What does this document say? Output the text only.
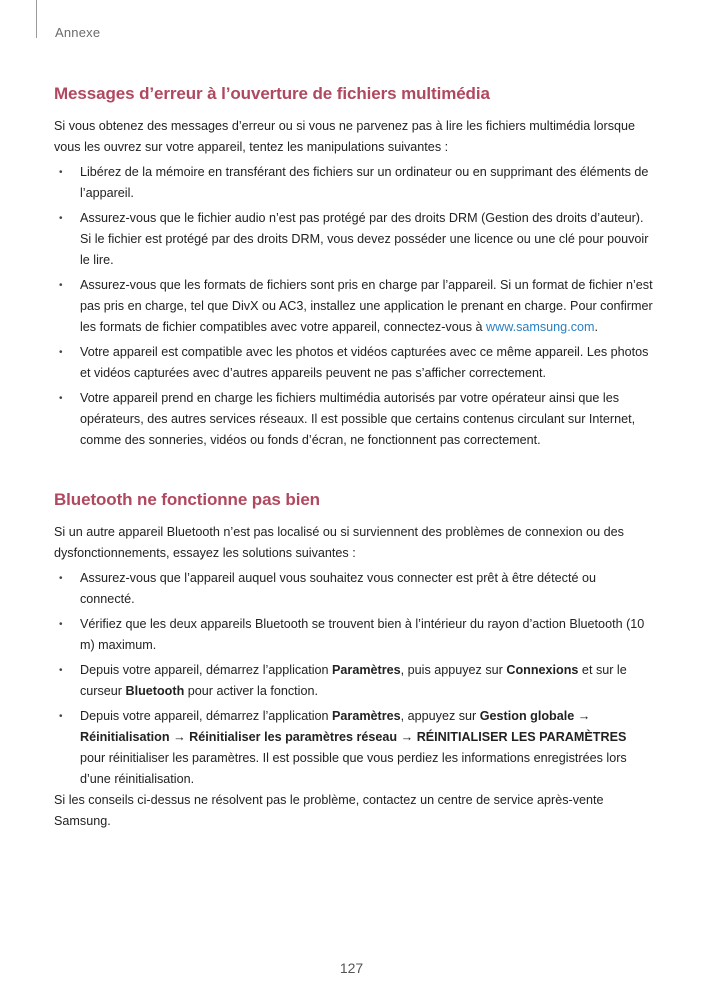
Annexe
Messages d’erreur à l’ouverture de fichiers multimédia
Si vous obtenez des messages d’erreur ou si vous ne parvenez pas à lire les fichiers multimédia lorsque vous les ouvrez sur votre appareil, tentez les manipulations suivantes :
• Libérez de la mémoire en transférant des fichiers sur un ordinateur ou en supprimant des éléments de l’appareil.
• Assurez-vous que le fichier audio n’est pas protégé par des droits DRM (Gestion des droits d’auteur). Si le fichier est protégé par des droits DRM, vous devez posséder une licence ou une clé pour pouvoir le lire.
• Assurez-vous que les formats de fichiers sont pris en charge par l’appareil. Si un format de fichier n’est pas pris en charge, tel que DivX ou AC3, installez une application le prenant en charge. Pour confirmer les formats de fichier compatibles avec votre appareil, connectez-vous à www.samsung.com.
• Votre appareil est compatible avec les photos et vidéos capturées avec ce même appareil. Les photos et vidéos capturées avec d’autres appareils peuvent ne pas s’afficher correctement.
• Votre appareil prend en charge les fichiers multimédia autorisés par votre opérateur ainsi que les opérateurs, des autres services réseaux. Il est possible que certains contenus circulant sur Internet, comme des sonneries, vidéos ou fonds d’écran, ne fonctionnent pas correctement.
Bluetooth ne fonctionne pas bien
Si un autre appareil Bluetooth n’est pas localisé ou si surviennent des problèmes de connexion ou des dysfonctionnements, essayez les solutions suivantes :
• Assurez-vous que l’appareil auquel vous souhaitez vous connecter est prêt à être détecté ou connecté.
• Vérifiez que les deux appareils Bluetooth se trouvent bien à l’intérieur du rayon d’action Bluetooth (10 m) maximum.
• Depuis votre appareil, démarrez l’application Paramètres, puis appuyez sur Connexions et sur le curseur Bluetooth pour activer la fonction.
• Depuis votre appareil, démarrez l’application Paramètres, appuyez sur Gestion globale → Réinitialisation → Réinitialiser les paramètres réseau → RÉINITIALISER LES PARAMÈTRES pour réinitialiser les paramètres. Il est possible que vous perdiez les informations enregistrées lors d’une réinitialisation.
Si les conseils ci-dessus ne résolvent pas le problème, contactez un centre de service après-vente Samsung.
127
